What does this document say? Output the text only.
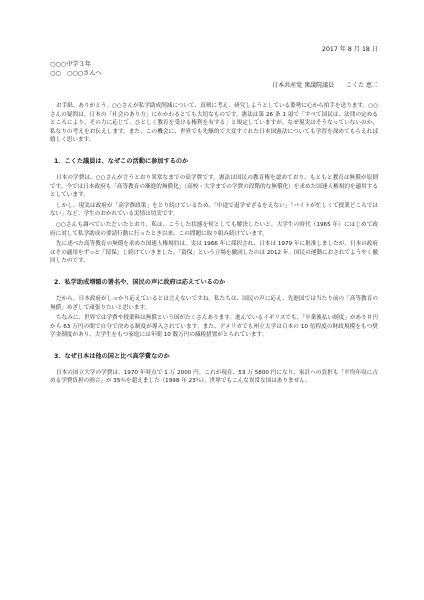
2017 年 8 月 18 日
○○○中学３年
○○　○○○さんへ
日本共産党 衆議院議員　　こくた 恵二

お手紙、ありがとう。○○さんが私学助成削減について、真剣に考え、研究しようとしている姿勢に心から拍手を送ります。○○さんの疑問は、日本の「社会のあり方」にかかわるとても大切なものです。憲法は第 26 条 1 項で「すべて国民は、法律の定めるところにより、その力に応じて、ひとしく教育を受ける権利を有する」と規定していますが、なぜ現実はそうなっていないのか、私なりの考えをお伝えします。また、この機会に、世界でも先駆的で大変すぐれた日本国憲法についても学習を深めてもらえれば嬉しく思います。

1．こくた議員は、なぜこの活動に参加するのか

日本の学費は、○○さんが言うとおり異常なまでの高学費です。憲法は国民の教育権を認めており、もともと教育は無償が原則です。今では日本政府も「高等教育の漸進的無償化」（高校・大学までの学費の段階的な無償化）を求めた国連人権規約を適用するとしています。

しかし、現実は政府が「高学費政策」をとり続けているため、「中途で退学せざるをえない」「バイトが忙しくて授業どころではない」など、学生のおかれている実情は切実です。

○○さんも調べていただいたとおり、私は、こうした状態を何としても解決したいと、大学生の時代（1965 年）にはじめて政府に対して私学助成の要請行動に行ったとき以来、この問題に取り組み続けています。

先に述べた高等教育の無償を求めた国連人権規約は、実は 1966 年に採択され、日本は 1979 年に批准しましたが、日本の政府はその適用をずっと「留保」し続けていきました。「留保」という立場を撤回したのは 2012 年。国民の運動におされてようやく撤回したのです。

2．私学助成増額の署名や、国民の声に政府は応えているのか

だから、日本政府がしっかり応えているとは言えないですね。私たちは、国民の声に応え、先進国では当たり前の「高等教育の無償」めざして頑張りたいと思います。

ちなみに、世界では学費や授業料は無償という国がたくさんあります。進んでいるイギリスでも、「卒業後払い制度」があり０円から 63 万円の間で自分で決める制度が導入されています。また、アメリカでも州立大学は日本の 10 倍程度の財政規模をもつ奨学金制度があり、大学生をもつ家庭には年間 10 数万円の減税措置がとられています。

3．なぜ日本は他の国と比べ高学費なのか

日本の国立大学の学費は、1970 年時点で 1 万 2000 円。これが現在、53 万 5800 円になり、家計への負担も「平均年収に占める学費負担の割合」が 35％を超えました（1998 年 23％）。世界でもこんな異常な国はありません。
